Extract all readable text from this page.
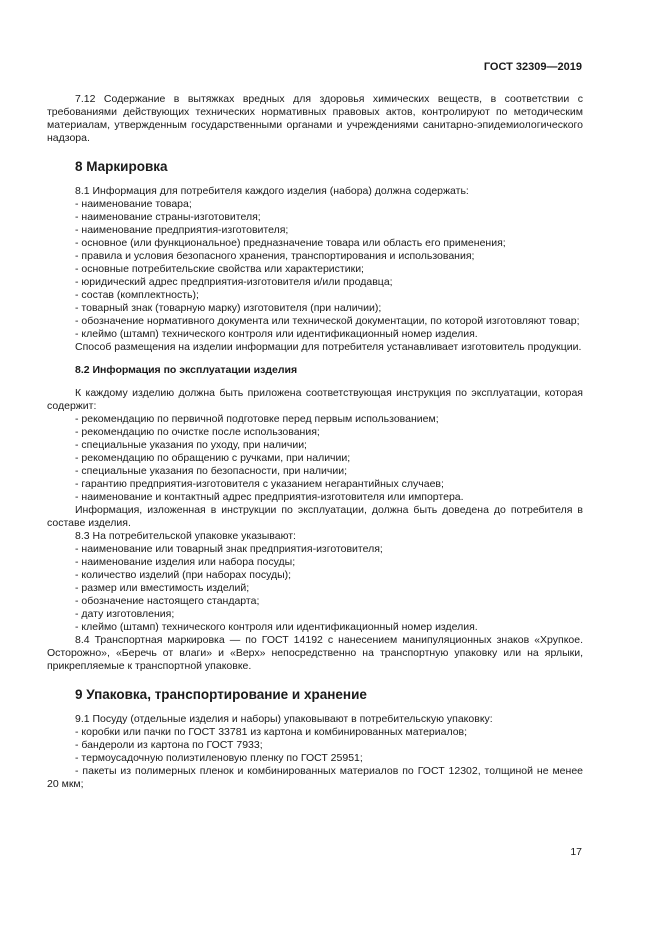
ГОСТ 32309—2019

7.12 Содержание в вытяжках вредных для здоровья химических веществ, в соответствии с требованиями действующих технических нормативных правовых актов, контролируют по методическим материалам, утвержденным государственными органами и учреждениями санитарно-эпидемиологического надзора.

8 Маркировка

8.1 Информация для потребителя каждого изделия (набора) должна содержать:

- наименование товара;

- наименование страны-изготовителя;

- наименование предприятия-изготовителя;

- основное (или функциональное) предназначение товара или область его применения;

- правила и условия безопасного хранения, транспортирования и использования;

- основные потребительские свойства или характеристики;

- юридический адрес предприятия-изготовителя и/или продавца;

- состав (комплектность);

- товарный знак (товарную марку) изготовителя (при наличии);

- обозначение нормативного документа или технической документации, по которой изготовляют товар;

- клеймо (штамп) технического контроля или идентификационный номер изделия.

Способ размещения на изделии информации для потребителя устанавливает изготовитель продукции.

8.2 Информация по эксплуатации изделия

К каждому изделию должна быть приложена соответствующая инструкция по эксплуатации, которая содержит:

- рекомендацию по первичной подготовке перед первым использованием;

- рекомендацию по очистке после использования;

- специальные указания по уходу, при наличии;

- рекомендацию по обращению с ручками, при наличии;

- специальные указания по безопасности, при наличии;

- гарантию предприятия-изготовителя с указанием негарантийных случаев;

- наименование и контактный адрес предприятия-изготовителя или импортера.

Информация, изложенная в инструкции по эксплуатации, должна быть доведена до потребителя в составе изделия.

8.3 На потребительской упаковке указывают:

- наименование или товарный знак предприятия-изготовителя;

- наименование изделия или набора посуды;

- количество изделий (при наборах посуды);

- размер или вместимость изделий;

- обозначение настоящего стандарта;

- дату изготовления;

- клеймо (штамп) технического контроля или идентификационный номер изделия.

8.4 Транспортная маркировка — по ГОСТ 14192 с нанесением манипуляционных знаков «Хрупкое. Осторожно», «Беречь от влаги» и «Верх» непосредственно на транспортную упаковку или на ярлыки, прикрепляемые к транспортной упаковке.

9 Упаковка, транспортирование и хранение

9.1 Посуду (отдельные изделия и наборы) упаковывают в потребительскую упаковку:

- коробки или пачки по ГОСТ 33781 из картона и комбинированных материалов;

- бандероли из картона по ГОСТ 7933;

- термоусадочную полиэтиленовую пленку по ГОСТ 25951;

- пакеты из полимерных пленок и комбинированных материалов по ГОСТ 12302, толщиной не менее 20 мкм;

17
